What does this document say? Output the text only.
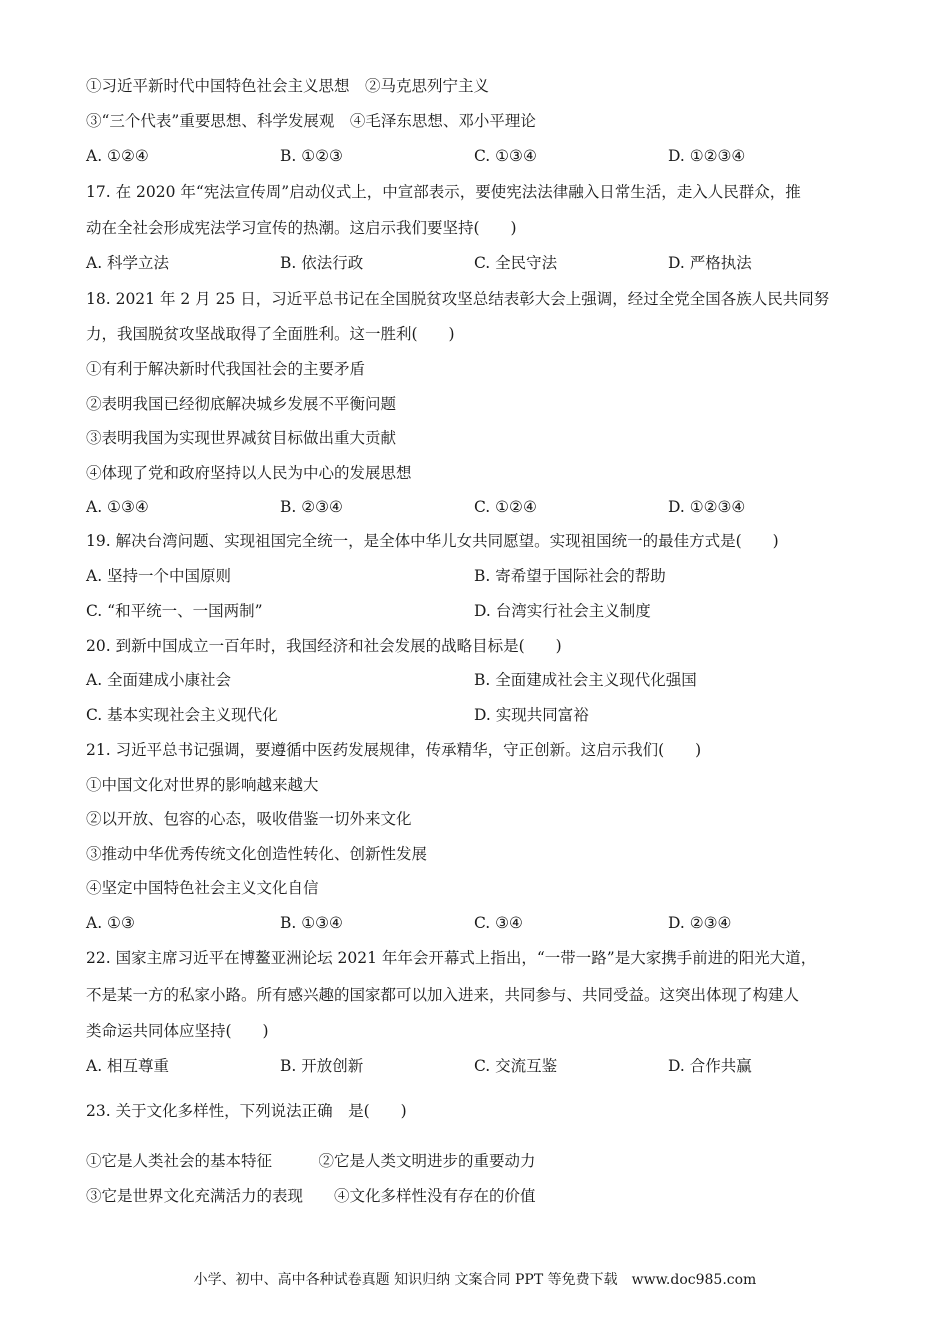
①习近平新时代中国特色社会主义思想　②马克思列宁主义
③“三个代表”重要思想、科学发展观　④毛泽东思想、邓小平理论
A. ①②④	B. ①②③	C. ①③④	D. ①②③④
17. 在 2020 年“宪法宣传周”启动仪式上，中宣部表示，要使宪法法律融入日常生活，走入人民群众，推
动在全社会形成宪法学习宣传的热潮。这启示我们要坚持(　　)
A. 科学立法	B. 依法行政	C. 全民守法	D. 严格执法
18. 2021 年 2 月 25 日，习近平总书记在全国脱贫攻坚总结表彰大会上强调，经过全党全国各族人民共同努
力，我国脱贫攻坚战取得了全面胜利。这一胜利(　　)
①有利于解决新时代我国社会的主要矛盾
②表明我国已经彻底解决城乡发展不平衡问题
③表明我国为实现世界减贫目标做出重大贡献
④体现了党和政府坚持以人民为中心的发展思想
A. ①③④	B. ②③④	C. ①②④	D. ①②③④
19. 解决台湾问题、实现祖国完全统一，是全体中华儿女共同愿望。实现祖国统一的最佳方式是(　　)
A. 坚持一个中国原则	B. 寄希望于国际社会的帮助
C. “和平统一、一国两制”	D. 台湾实行社会主义制度
20. 到新中国成立一百年时，我国经济和社会发展的战略目标是(　　)
A. 全面建成小康社会	B. 全面建成社会主义现代化强国
C. 基本实现社会主义现代化	D. 实现共同富裕
21. 习近平总书记强调，要遵循中医药发展规律，传承精华，守正创新。这启示我们(　　)
①中国文化对世界的影响越来越大
②以开放、包容的心态，吸收借鉴一切外来文化
③推动中华优秀传统文化创造性转化、创新性发展
④坚定中国特色社会主义文化自信
A. ①③	B. ①③④	C. ③④	D. ②③④
22. 国家主席习近平在博鳌亚洲论坛 2021 年年会开幕式上指出，“一带一路”是大家携手前进的阳光大道，
不是某一方的私家小路。所有感兴趣的国家都可以加入进来，共同参与、共同受益。这突出体现了构建人
类命运共同体应坚持(　　)
A. 相互尊重	B. 开放创新	C. 交流互鉴	D. 合作共赢
23. 关于文化多样性，下列说法正确　是(　　)
①它是人类社会的基本特征　　　②它是人类文明进步的重要动力
③它是世界文化充满活力的表现　　④文化多样性没有存在的价值
小学、初中、高中各种试卷真题 知识归纳 文案合同 PPT 等免费下载　www.doc985.com
